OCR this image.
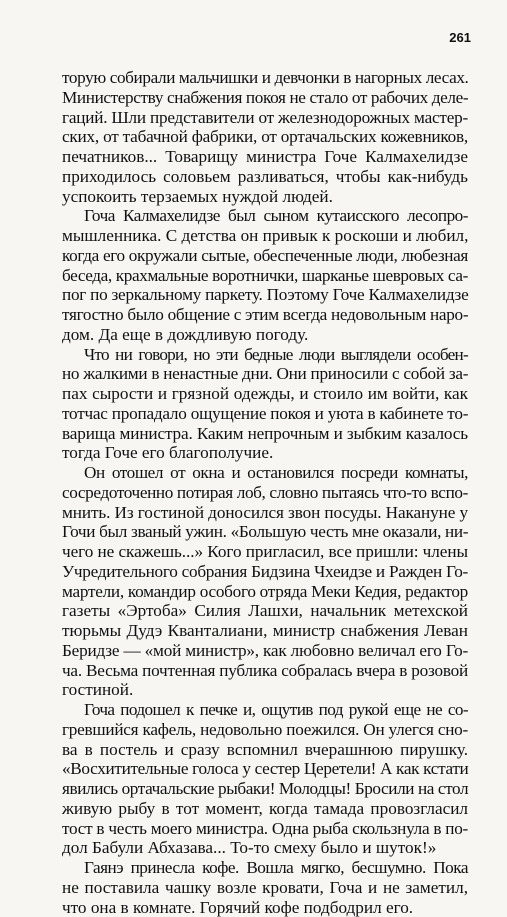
261
торую собирали мальчишки и девчонки в нагорных лесах.
Министерству снабжения покоя не стало от рабочих деле-
гаций. Шли представители от железнодорожных мастер-
ских, от табачной фабрики, от ортачальских кожевников,
печатников... Товарищу министра Гоче Калмахелидзе
приходилось соловьем разливаться, чтобы как-нибудь
успокоить терзаемых нуждой людей.
Гоча Калмахелидзе был сыном кутаисского лесопро-
мышленника. С детства он привык к роскоши и любил,
когда его окружали сытые, обеспеченные люди, любезная
беседа, крахмальные воротнички, шарканье шевровых са-
пог по зеркальному паркету. Поэтому Гоче Калмахелидзе
тягостно было общение с этим всегда недовольным наро-
дом. Да еще в дождливую погоду.
Что ни говори, но эти бедные люди выглядели особен-
но жалкими в ненастные дни. Они приносили с собой за-
пах сырости и грязной одежды, и стоило им войти, как
тотчас пропадало ощущение покоя и уюта в кабинете то-
варища министра. Каким непрочным и зыбким казалось
тогда Гоче его благополучие.
Он отошел от окна и остановился посреди комнаты,
сосредоточенно потирая лоб, словно пытаясь что-то вспо-
мнить. Из гостиной доносился звон посуды. Накануне у
Гочи был званый ужин. «Большую честь мне оказали, ни-
чего не скажешь...» Кого пригласил, все пришли: члены
Учредительного собрания Бидзина Чхеидзе и Ражден Го-
мартели, командир особого отряда Меки Кедия, редактор
газеты «Эртоба» Силия Лашхи, начальник метехской
тюрьмы Дудэ Кванталиани, министр снабжения Леван
Беридзе — «мой министр», как любовно величал его Го-
ча. Весьма почтенная публика собралась вчера в розовой
гостиной.
Гоча подошел к печке и, ощутив под рукой еще не со-
гревшийся кафель, недовольно поежился. Он улегся сно-
ва в постель и сразу вспомнил вчерашнюю пирушку.
«Восхитительные голоса у сестер Церетели! А как кстати
явились ортачальские рыбаки! Молодцы! Бросили на стол
живую рыбу в тот момент, когда тамада провозгласил
тост в честь моего министра. Одна рыба скользнула в по-
дол Бабули Абхазава... То-то смеху было и шуток!»
Гаянэ принесла кофе. Вошла мягко, бесшумно. Пока
не поставила чашку возле кровати, Гоча и не заметил,
что она в комнате. Горячий кофе подбодрил его.
